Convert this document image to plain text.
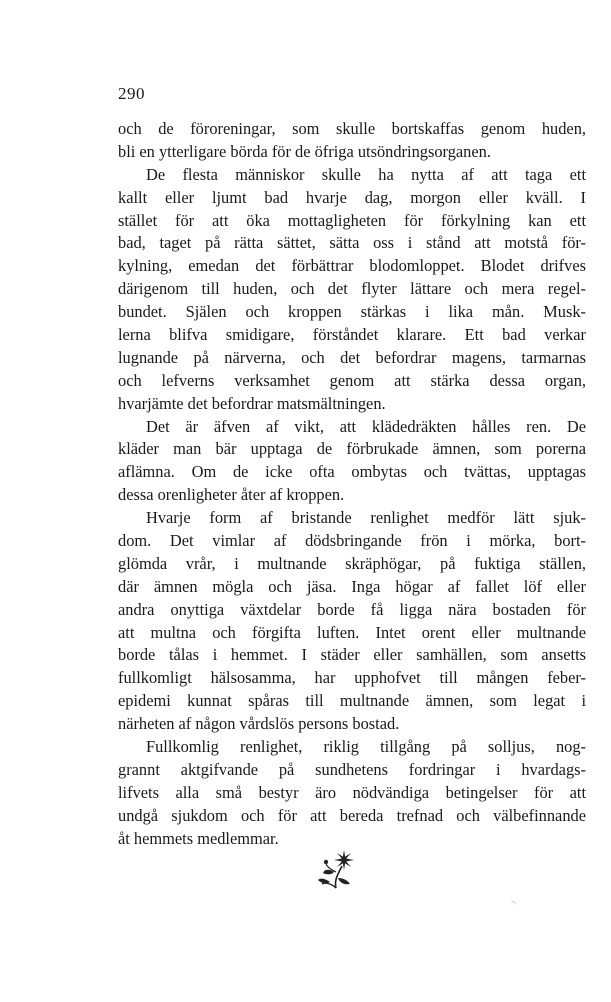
290
och de föroreningar, som skulle bortskaffas genom huden,
bli en ytterligare börda för de öfriga utsöndringsorganen.
De flesta människor skulle ha nytta af att taga ett
kallt eller ljumt bad hvarje dag, morgon eller kväll. I
stället för att öka mottagligheten för förkylning kan ett
bad, taget på rätta sättet, sätta oss i stånd att motstå för-
kylning, emedan det förbättrar blodomloppet. Blodet drifves
därigenom till huden, och det flyter lättare och mera regel-
bundet. Själen och kroppen stärkas i lika mån. Musk-
lerna blifva smidigare, förståndet klarare. Ett bad verkar
lugnande på närverna, och det befordrar magens, tarmarnas
och lefverns verksamhet genom att stärka dessa organ,
hvarjämte det befordrar matsmältningen.
Det är äfven af vikt, att klädedräkten hålles ren. De
kläder man bär upptaga de förbrukade ämnen, som porerna
aflämna. Om de icke ofta ombytas och tvättas, upptagas
dessa orenligheter åter af kroppen.
Hvarje form af bristande renlighet medför lätt sjuk-
dom. Det vimlar af dödsbringande frön i mörka, bort-
glömda vrår, i multnande skräphögar, på fuktiga ställen,
där ämnen mögla och jäsa. Inga högar af fallet löf eller
andra onyttiga växtdelar borde få ligga nära bostaden för
att multna och förgifta luften. Intet orent eller multnande
borde tålas i hemmet. I städer eller samhällen, som ansetts
fullkomligt hälsosamma, har upphofvet till mången feber-
epidemi kunnat spåras till multnande ämnen, som legat i
närheten af någon vårdslös persons bostad.
Fullkomlig renlighet, riklig tillgång på solljus, nog-
grannt aktgifvande på sundhetens fordringar i hvardags-
lifvets alla små bestyr äro nödvändiga betingelser för att
undgå sjukdom och för att bereda trefnad och välbefinnande
åt hemmets medlemmar.
